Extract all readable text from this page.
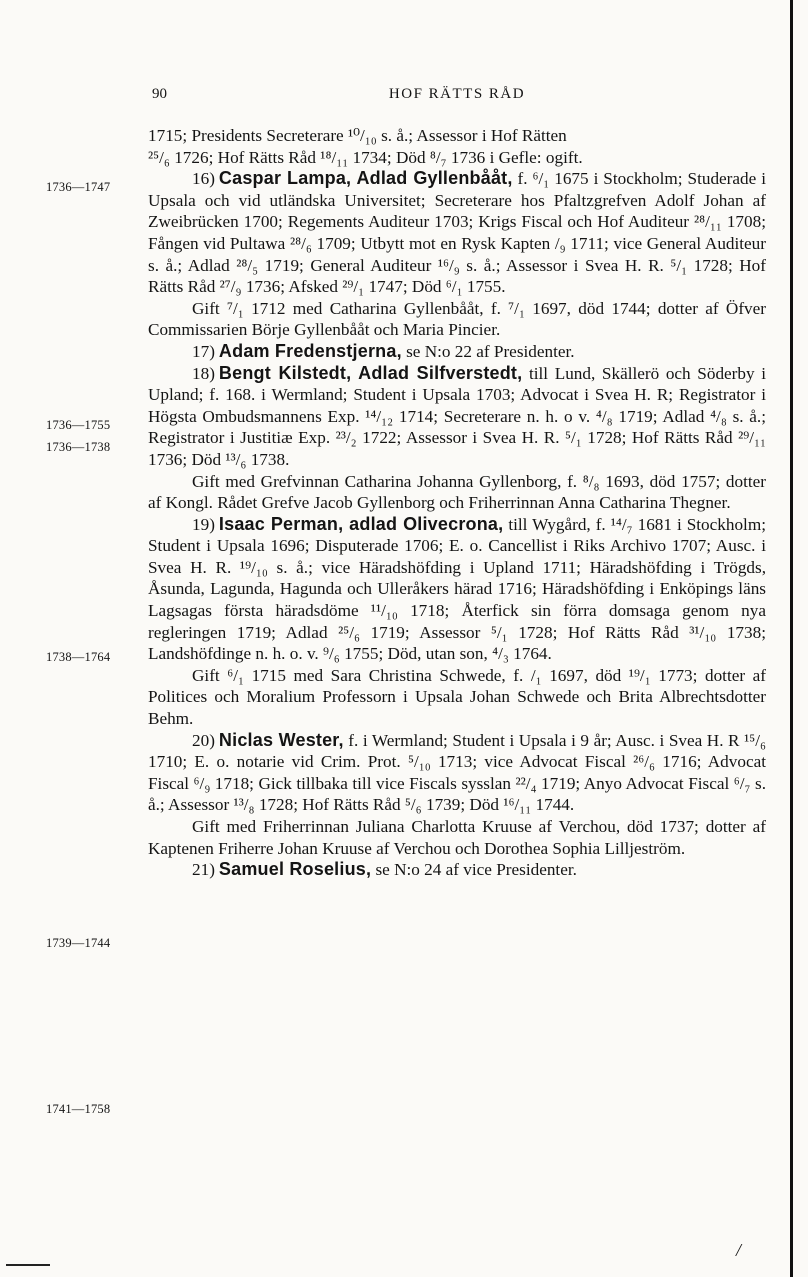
90	HOF RÄTTS RÅD
1736—1747
1736—1755
1736—1738
1738—1764
1739—1744
1741—1758
1715; Presidents Secreterare ¹⁰/₁₀ s. å.; Assessor i Hof Rätten
²⁵/₆ 1726; Hof Rätts Råd ¹⁸/₁₁ 1734; Död ⁸/₇ 1736 i Gefle: ogift.
16) Caspar Lampa, Adlad Gyllenbååt, f. ⁶/₁ 1675 i Stockholm; Studerade i Upsala och vid utländska Universitet; Secreterare hos Pfaltzgrefven Adolf Johan af Zweibrücken 1700; Regements Auditeur 1703; Krigs Fiscal och Hof Auditeur ²⁸/₁₁ 1708; Fången vid Pultawa ²⁸/₆ 1709; Utbytt mot en Rysk Kapten /₉ 1711; vice General Auditeur s. å.; Adlad ²⁸/₅ 1719; General Auditeur ¹⁶/₉ s. å.; Assessor i Svea H. R. ⁵/₁ 1728; Hof Rätts Råd ²⁷/₉ 1736; Afsked ²⁹/₁ 1747; Död ⁶/₁ 1755.
Gift ⁷/₁ 1712 med Catharina Gyllenbååt, f. ⁷/₁ 1697, död 1744; dotter af Öfver Commissarien Börje Gyllenbååt och Maria Pincier.
17) Adam Fredenstjerna, se N:o 22 af Presidenter.
18) Bengt Kilstedt, Adlad Silfverstedt, till Lund, Skällerö och Söderby i Upland; f. 168. i Wermland; Student i Upsala 1703; Advocat i Svea H. R; Registrator i Högsta Ombudsmannens Exp. ¹⁴/₁₂ 1714; Secreterare n. h. o v. ⁴/₈ 1719; Adlad ⁴/₈ s. å.; Registrator i Justitiæ Exp. ²³/₂ 1722; Assessor i Svea H. R. ⁵/₁ 1728; Hof Rätts Råd ²⁹/₁₁ 1736; Död ¹³/₆ 1738.
Gift med Grefvinnan Catharina Johanna Gyllenborg, f. ⁸/₈ 1693, död 1757; dotter af Kongl. Rådet Grefve Jacob Gyllenborg och Friherrinnan Anna Catharina Thegner.
19) Isaac Perman, adlad Olivecrona, till Wygård, f. ¹⁴/₇ 1681 i Stockholm; Student i Upsala 1696; Disputerade 1706; E. o. Cancellist i Riks Archivo 1707; Ausc. i Svea H. R. ¹⁹/₁₀ s. å.; vice Häradshöfding i Upland 1711; Häradshöfding i Trögds, Åsunda, Lagunda, Hagunda och Ulleråkers härad 1716; Häradshöfding i Enköpings läns Lagsagas första häradsdöme ¹¹/₁₀ 1718; Återfick sin förra domsaga genom nya regleringen 1719; Adlad ²⁵/₆ 1719; Assessor ⁵/₁ 1728; Hof Rätts Råd ³¹/₁₀ 1738; Landshöfdinge n. h. o. v. ⁹/₆ 1755; Död, utan son, ⁴/₃ 1764.
Gift ⁶/₁ 1715 med Sara Christina Schwede, f. /₁ 1697, död ¹⁹/₁ 1773; dotter af Politices och Moralium Professorn i Upsala Johan Schwede och Brita Albrechtsdotter Behm.
20) Niclas Wester, f. i Wermland; Student i Upsala i 9 år; Ausc. i Svea H. R ¹⁵/₆ 1710; E. o. notarie vid Crim. Prot. ⁵/₁₀ 1713; vice Advocat Fiscal ²⁶/₆ 1716; Advocat Fiscal ⁶/₉ 1718; Gick tillbaka till vice Fiscals sysslan ²²/₄ 1719; Anyo Advocat Fiscal ⁶/₇ s. å.; Assessor ¹³/₈ 1728; Hof Rätts Råd ⁵/₆ 1739; Död ¹⁶/₁₁ 1744.
Gift med Friherrinnan Juliana Charlotta Kruuse af Verchou, död 1737; dotter af Kaptenen Friherre Johan Kruuse af Verchou och Dorothea Sophia Lilljeström.
21) Samuel Roselius, se N:o 24 af vice Presidenter.
/
